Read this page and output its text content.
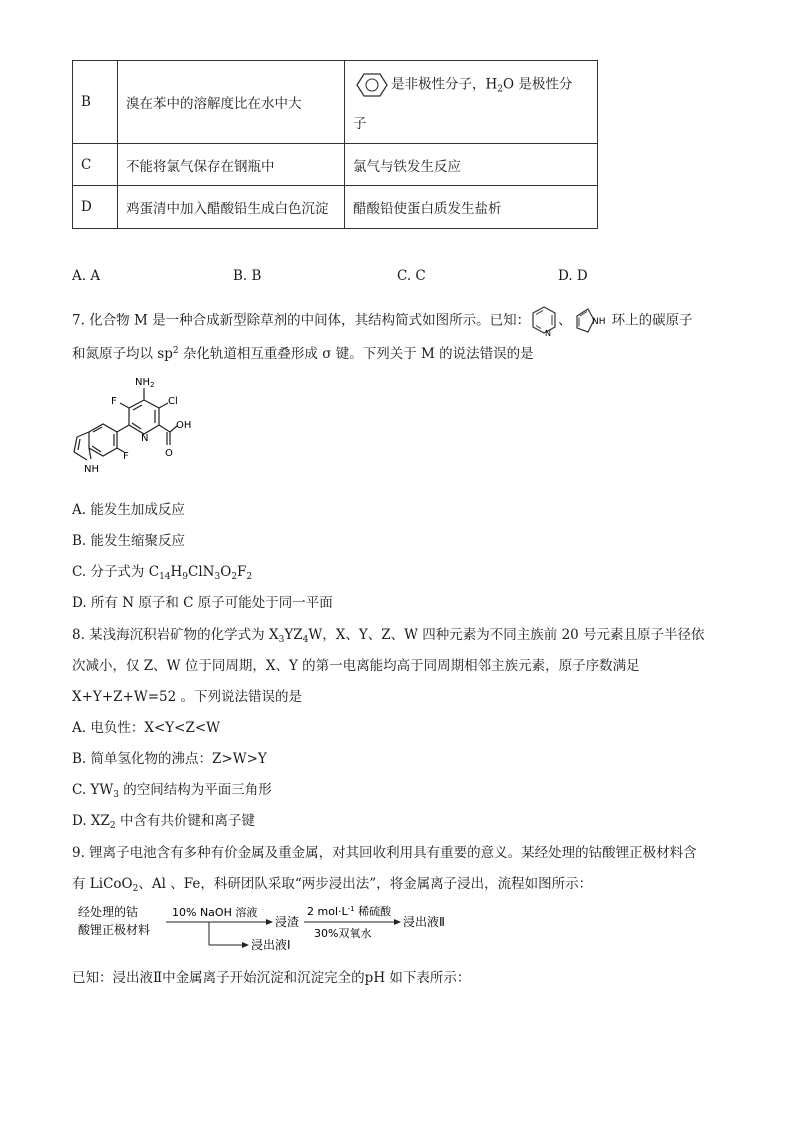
B	溴在苯中的溶解度比在水中大	是非极性分子，$H_2O$ 是极性分
子

C	不能将氯气保存在钢瓶中	氯气与铁发生反应
D	鸡蛋清中加入醋酸铅生成白色沉淀	醋酸铅使蛋白质发生盐析
A. A	B. B	C. C	D. D
7. 化合物 M 是一种合成新型除草剂的中间体，其结构简式如图所示。已知：
N
、 NH 环上的碳原子
和氮原子均以 $sp^2$ 杂化轨道相互重叠形成 σ 键。下列关于 M 的说法错误的是
$NH_2$
F	Cl
OH
O
N
F
NH
A. 能发生加成反应
B. 能发生缩聚反应
C. 分子式为 $C_{14}H_9ClN_3O_2F_2$
D. 所有 N 原子和 C 原子可能处于同一平面
8. 某浅海沉积岩矿物的化学式为 $X_3YZ_4W$，X、Y、Z、W 四种元素为不同主族前 20 号元素且原子半径依
次减小，仅 Z、W 位于同周期，X、Y 的第一电离能均高于同周期相邻主族元素，原子序数满足
X+Y+Z+W=52 。下列说法错误的是
A. 电负性：X<Y<Z<W
B. 简单氢化物的沸点：Z>W>Y
C. $YW_3$ 的空间结构为平面三角形
D. $XZ_2$ 中含有共价键和离子键
9. 锂离子电池含有多种有价金属及重金属，对其回收利用具有重要的意义。某经处理的钴酸锂正极材料含
有 LiCoO$_2$、Al 、Fe，科研团队采取“两步浸出法”，将金属离子浸出，流程如图所示：
经处理的钴
酸锂正极材料
10% NaOH 溶液
浸出液Ⅰ
浸渣
2 $mol\cdot L^{-1}$ 稀硫酸
30%双氧水
浸出液Ⅱ
已知：浸出液Ⅱ中金属离子开始沉淀和沉淀完全的pH 如下表所示：
